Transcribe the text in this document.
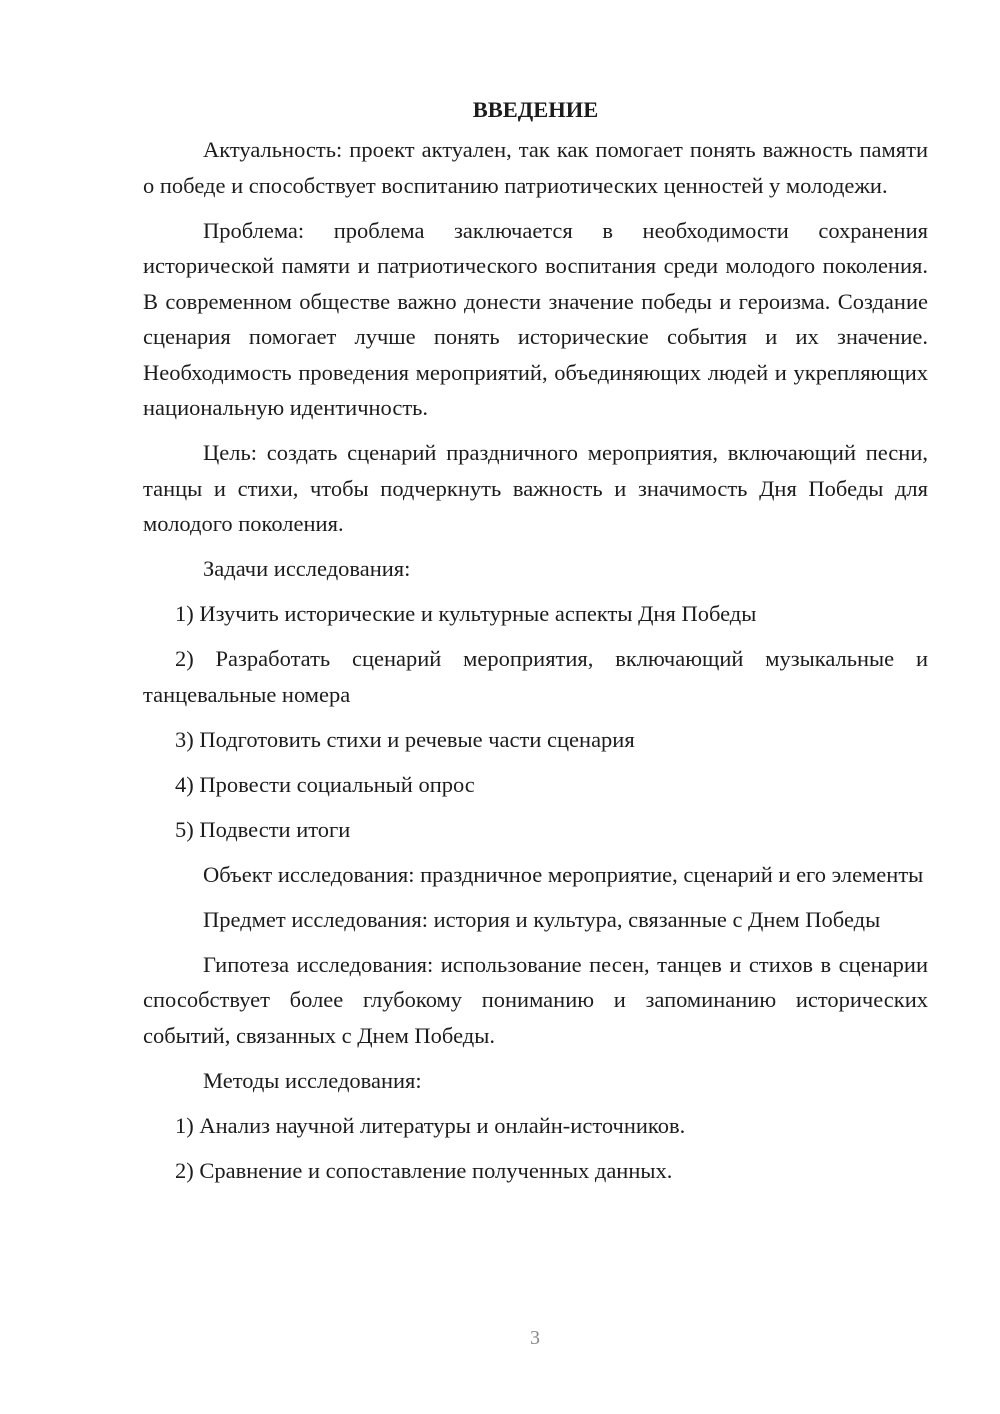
ВВЕДЕНИЕ

Актуальность: проект актуален, так как помогает понять важность памяти о победе и способствует воспитанию патриотических ценностей у молодежи.

Проблема: проблема заключается в необходимости сохранения исторической памяти и патриотического воспитания среди молодого поколения. В современном обществе важно донести значение победы и героизма. Создание сценария помогает лучше понять исторические события и их значение. Необходимость проведения мероприятий, объединяющих людей и укрепляющих национальную идентичность.

Цель: создать сценарий праздничного мероприятия, включающий песни, танцы и стихи, чтобы подчеркнуть важность и значимость Дня Победы для молодого поколения.

Задачи исследования:

1) Изучить исторические и культурные аспекты Дня Победы

2) Разработать сценарий мероприятия, включающий музыкальные и танцевальные номера

3) Подготовить стихи и речевые части сценария

4) Провести социальный опрос

5) Подвести итоги

Объект исследования: праздничное мероприятие, сценарий и его элементы

Предмет исследования: история и культура, связанные с Днем Победы

Гипотеза исследования: использование песен, танцев и стихов в сценарии способствует более глубокому пониманию и запоминанию исторических событий, связанных с Днем Победы.

Методы исследования:

1) Анализ научной литературы и онлайн-источников.

2) Сравнение и сопоставление полученных данных.

3
